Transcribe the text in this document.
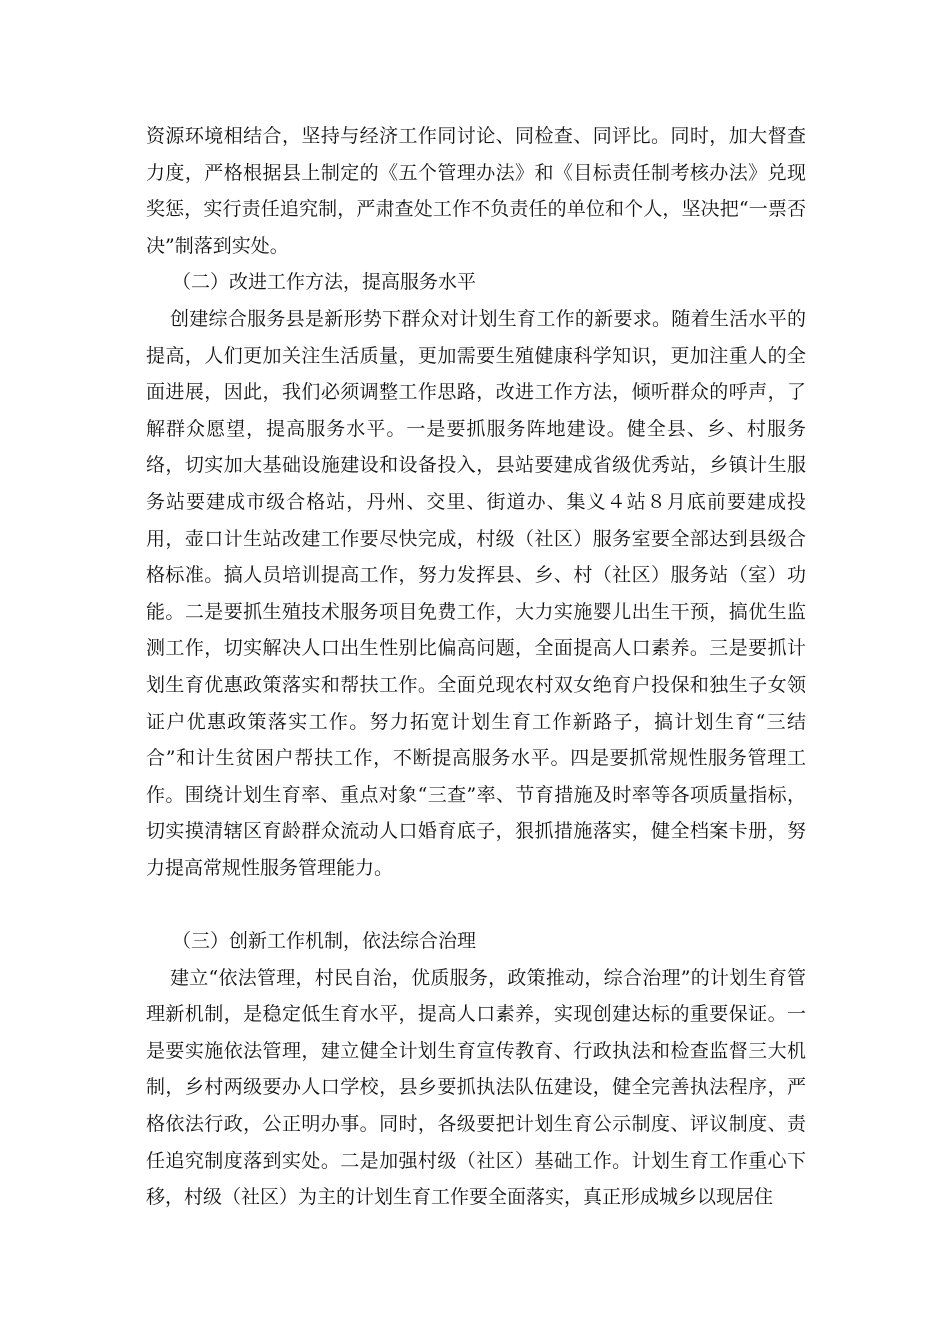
资源环境相结合，坚持与经济工作同讨论、同检查、同评比。同时，加大督查力度，严格根据县上制定的《五个管理办法》和《目标责任制考核办法》兑现奖惩，实行责任追究制，严肃查处工作不负责任的单位和个人，坚决把“一票否决”制落到实处。

（二）改进工作方法，提高服务水平

创建综合服务县是新形势下群众对计划生育工作的新要求。随着生活水平的提高，人们更加关注生活质量，更加需要生殖健康科学知识，更加注重人的全面进展，因此，我们必须调整工作思路，改进工作方法，倾听群众的呼声，了解群众愿望，提高服务水平。一是要抓服务阵地建设。健全县、乡、村服务络，切实加大基础设施建设和设备投入，县站要建成省级优秀站，乡镇计生服务站要建成市级合格站，丹州、交里、街道办、集义４站８月底前要建成投用，壶口计生站改建工作要尽快完成，村级（社区）服务室要全部达到县级合格标准。搞人员培训提高工作，努力发挥县、乡、村（社区）服务站（室）功能。二是要抓生殖技术服务项目免费工作，大力实施婴儿出生干预，搞优生监测工作，切实解决人口出生性别比偏高问题，全面提高人口素养。三是要抓计划生育优惠政策落实和帮扶工作。全面兑现农村双女绝育户投保和独生子女领证户优惠政策落实工作。努力拓宽计划生育工作新路子，搞计划生育“三结合”和计生贫困户帮扶工作，不断提高服务水平。四是要抓常规性服务管理工作。围绕计划生育率、重点对象“三查”率、节育措施及时率等各项质量指标，切实摸清辖区育龄群众流动人口婚育底子，狠抓措施落实，健全档案卡册，努力提高常规性服务管理能力。

（三）创新工作机制，依法综合治理

建立“依法管理，村民自治，优质服务，政策推动，综合治理”的计划生育管理新机制，是稳定低生育水平，提高人口素养，实现创建达标的重要保证。一是要实施依法管理，建立健全计划生育宣传教育、行政执法和检查监督三大机制，乡村两级要办人口学校，县乡要抓执法队伍建设，健全完善执法程序，严格依法行政，公正明办事。同时，各级要把计划生育公示制度、评议制度、责任追究制度落到实处。二是加强村级（社区）基础工作。计划生育工作重心下移，村级（社区）为主的计划生育工作要全面落实，真正形成城乡以现居住
